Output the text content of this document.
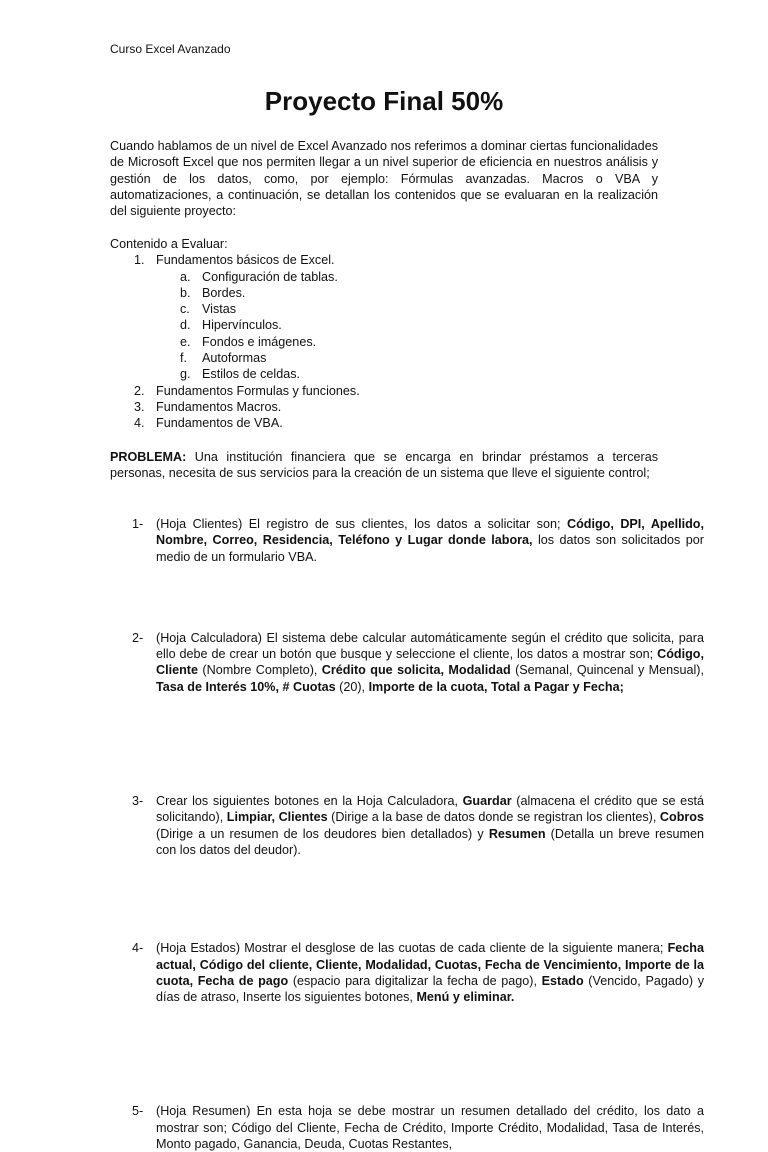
Curso Excel Avanzado
Proyecto Final 50%

Cuando hablamos de un nivel de Excel Avanzado nos referimos a dominar ciertas funcionalidades de Microsoft Excel que nos permiten llegar a un nivel superior de eficiencia en nuestros análisis y gestión de los datos, como, por ejemplo: Fórmulas avanzadas. Macros o VBA y automatizaciones, a continuación, se detallan los contenidos que se evaluaran en la realización del siguiente proyecto:

Contenido a Evaluar:

1. Fundamentos básicos de Excel.
a. Configuración de tablas.
b. Bordes.
c. Vistas
d. Hipervínculos.
e. Fondos e imágenes.
f. Autoformas
g. Estilos de celdas.
2. Fundamentos Formulas y funciones.
3. Fundamentos Macros.
4. Fundamentos de VBA.

PROBLEMA: Una institución financiera que se encarga en brindar préstamos a terceras personas, necesita de sus servicios para la creación de un sistema que lleve el siguiente control;

1- (Hoja Clientes) El registro de sus clientes, los datos a solicitar son; Código, DPI, Apellido, Nombre, Correo, Residencia, Teléfono y Lugar donde labora, los datos son solicitados por medio de un formulario VBA.
2- (Hoja Calculadora) El sistema debe calcular automáticamente según el crédito que solicita, para ello debe de crear un botón que busque y seleccione el cliente, los datos a mostrar son; Código, Cliente (Nombre Completo), Crédito que solicita, Modalidad (Semanal, Quincenal y Mensual), Tasa de Interés 10%, # Cuotas (20), Importe de la cuota, Total a Pagar y Fecha;
3- Crear los siguientes botones en la Hoja Calculadora, Guardar (almacena el crédito que se está solicitando), Limpiar, Clientes (Dirige a la base de datos donde se registran los clientes), Cobros (Dirige a un resumen de los deudores bien detallados) y Resumen (Detalla un breve resumen con los datos del deudor).
4- (Hoja Estados) Mostrar el desglose de las cuotas de cada cliente de la siguiente manera; Fecha actual, Código del cliente, Cliente, Modalidad, Cuotas, Fecha de Vencimiento, Importe de la cuota, Fecha de pago (espacio para digitalizar la fecha de pago), Estado (Vencido, Pagado) y días de atraso, Inserte los siguientes botones, Menú y eliminar.
5- (Hoja Resumen) En esta hoja se debe mostrar un resumen detallado del crédito, los dato a mostrar son; Código del Cliente, Fecha de Crédito, Importe Crédito, Modalidad, Tasa de Interés, Monto pagado, Ganancia, Deuda, Cuotas Restantes,
